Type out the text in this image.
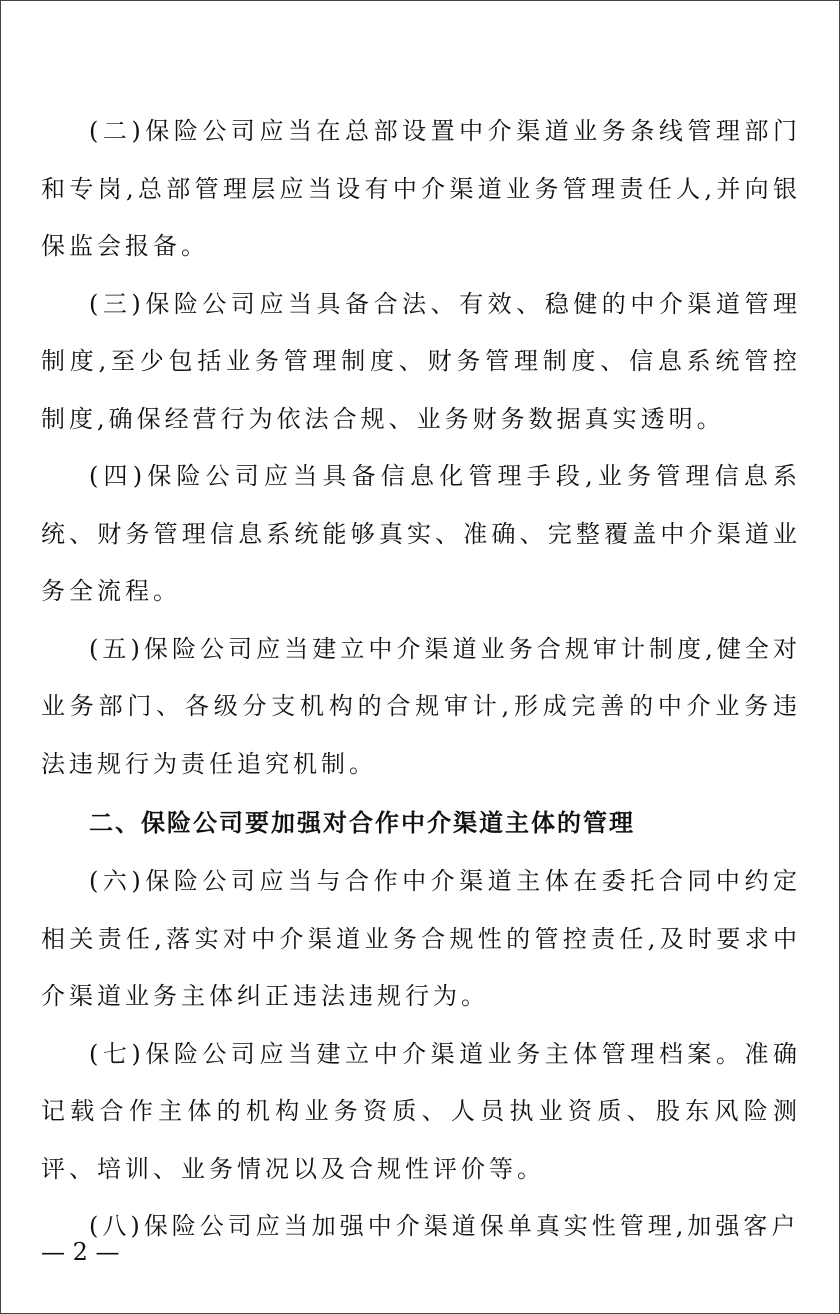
(二)保险公司应当在总部设置中介渠道业务条线管理部门和专岗,总部管理层应当设有中介渠道业务管理责任人,并向银保监会报备。

(三)保险公司应当具备合法、有效、稳健的中介渠道管理制度,至少包括业务管理制度、财务管理制度、信息系统管控制度,确保经营行为依法合规、业务财务数据真实透明。

(四)保险公司应当具备信息化管理手段,业务管理信息系统、财务管理信息系统能够真实、准确、完整覆盖中介渠道业务全流程。

(五)保险公司应当建立中介渠道业务合规审计制度,健全对业务部门、各级分支机构的合规审计,形成完善的中介业务违法违规行为责任追究机制。

二、保险公司要加强对合作中介渠道主体的管理

(六)保险公司应当与合作中介渠道主体在委托合同中约定相关责任,落实对中介渠道业务合规性的管控责任,及时要求中介渠道业务主体纠正违法违规行为。

(七)保险公司应当建立中介渠道业务主体管理档案。准确记载合作主体的机构业务资质、人员执业资质、股东风险测评、培训、业务情况以及合规性评价等。

(八)保险公司应当加强中介渠道保单真实性管理,加强客户

— 2 —
